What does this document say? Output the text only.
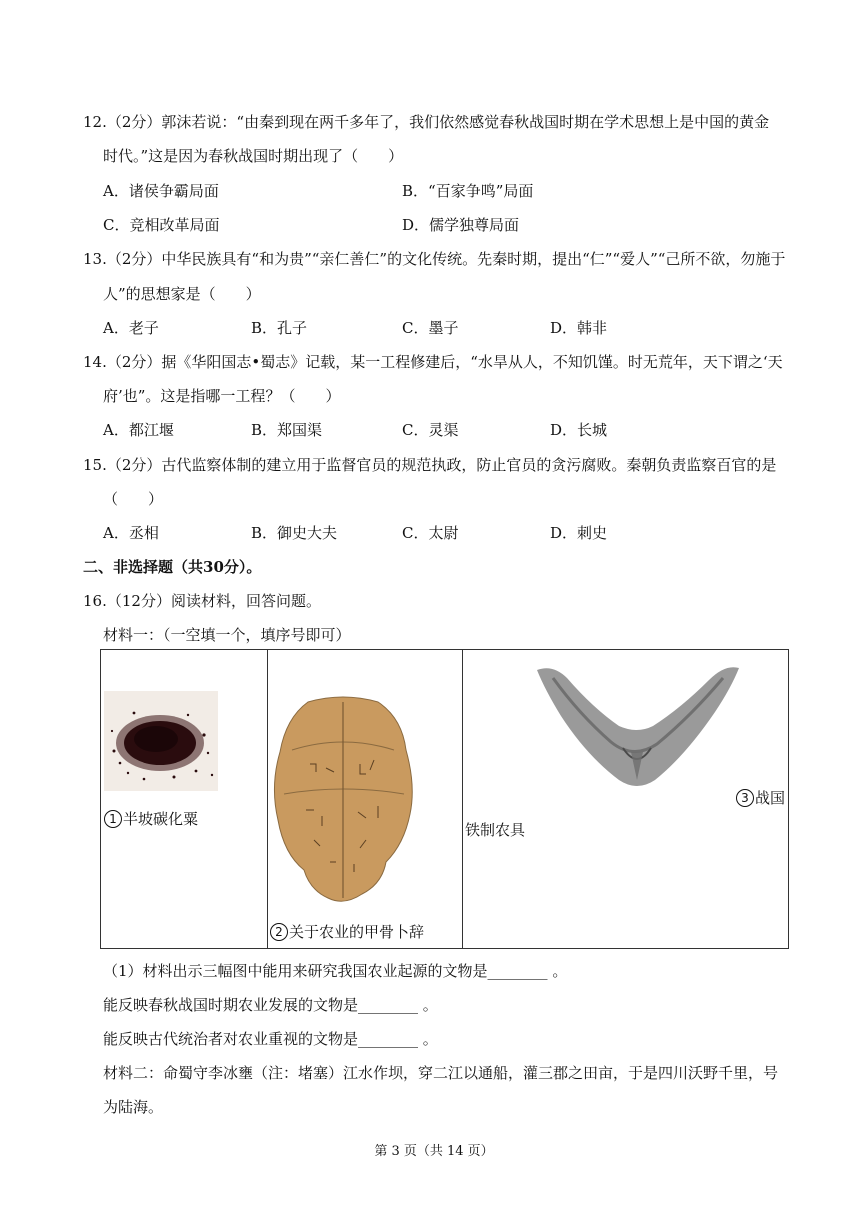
12.（2分）郭沫若说：“由秦到现在两千多年了，我们依然感觉春秋战国时期在学术思想上是中国的黄金
时代。”这是因为春秋战国时期出现了（　　）
A．诸侯争霸局面	B．“百家争鸣”局面
C．竞相改革局面	D．儒学独尊局面
13.（2分）中华民族具有“和为贵”“亲仁善仁”的文化传统。先秦时期，提出“仁”“爱人”“己所不欲，勿施于
人”的思想家是（　　）
A．老子	B．孔子	C．墨子	D．韩非
14.（2分）据《华阳国志•蜀志》记载，某一工程修建后，“水旱从人，不知饥馑。时无荒年，天下谓之‘天
府’也”。这是指哪一工程？（　　）
A．都江堰	B．郑国渠	C．灵渠	D．长城
15.（2分）古代监察体制的建立用于监督官员的规范执政，防止官员的贪污腐败。秦朝负责监察百官的是
（　　）
A．丞相	B．御史大夫	C．太尉	D．刺史
二、非选择题（共30分）。
16.（12分）阅读材料，回答问题。
材料一：（一空填一个，填序号即可）
1 半坡碳化粟

2 关于农业的甲骨卜辞

3 战国
铁制农具
（1）材料出示三幅图中能用来研究我国农业起源的文物是________ 。
能反映春秋战国时期农业发展的文物是________ 。
能反映古代统治者对农业重视的文物是________ 。
材料二：命蜀守李冰壅（注：堵塞）江水作坝，穿二江以通船，灌三郡之田亩，于是四川沃野千里，号
为陆海。
第 3 页（共 14 页）
